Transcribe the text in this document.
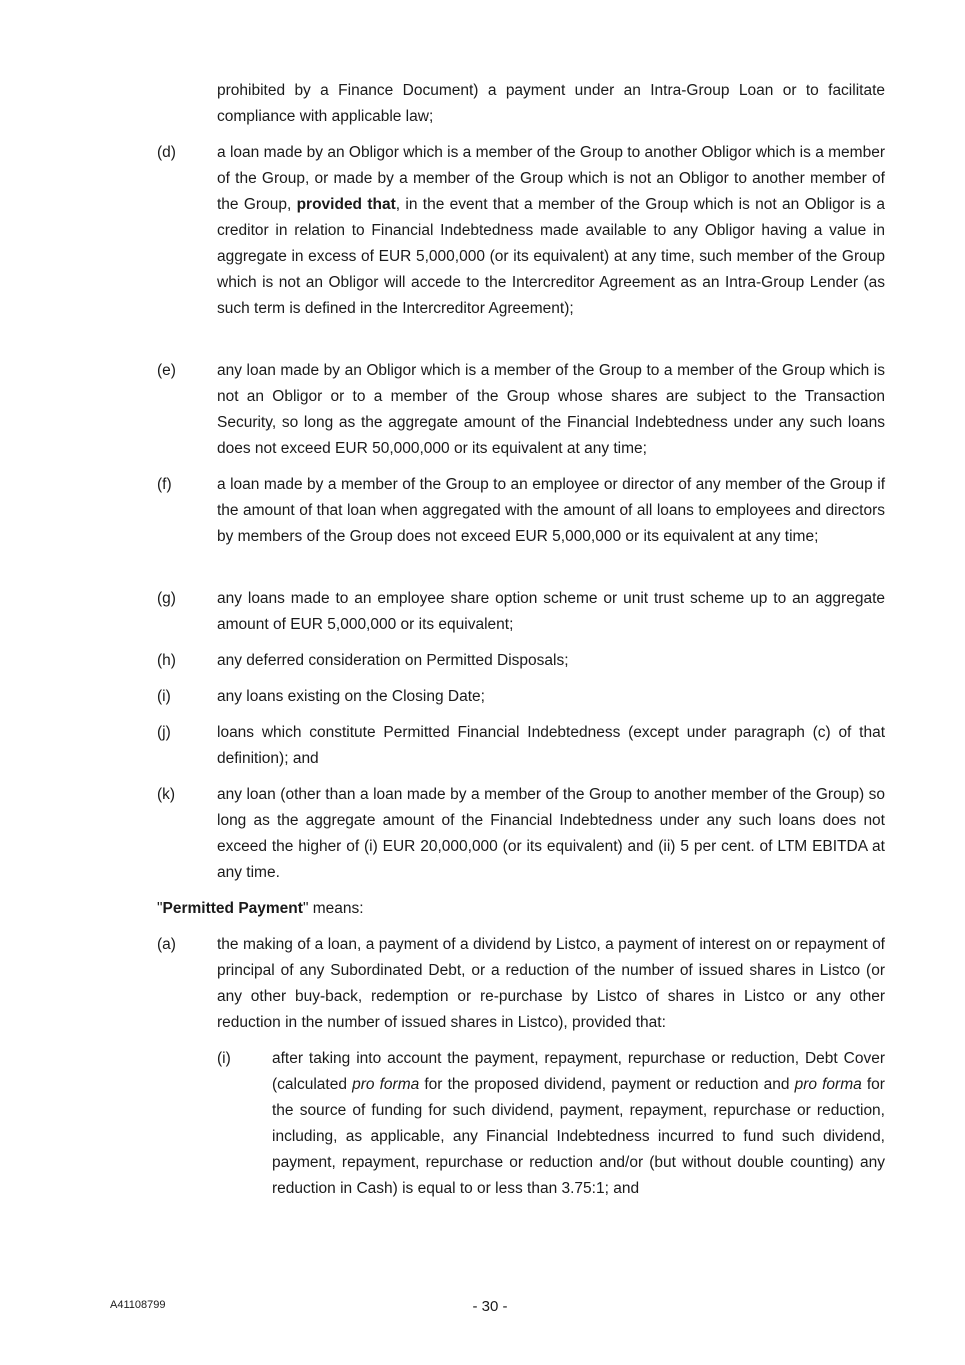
prohibited by a Finance Document) a payment under an Intra-Group Loan or to facilitate compliance with applicable law;

(d)	a loan made by an Obligor which is a member of the Group to another Obligor which is a member of the Group, or made by a member of the Group which is not an Obligor to another member of the Group, provided that, in the event that a member of the Group which is not an Obligor is a creditor in relation to Financial Indebtedness made available to any Obligor having a value in aggregate in excess of EUR 5,000,000 (or its equivalent) at any time, such member of the Group which is not an Obligor will accede to the Intercreditor Agreement as an Intra-Group Lender (as such term is defined in the Intercreditor Agreement);

(e)	any loan made by an Obligor which is a member of the Group to a member of the Group which is not an Obligor or to a member of the Group whose shares are subject to the Transaction Security, so long as the aggregate amount of the Financial Indebtedness under any such loans does not exceed EUR 50,000,000 or its equivalent at any time;

(f)	a loan made by a member of the Group to an employee or director of any member of the Group if the amount of that loan when aggregated with the amount of all loans to employees and directors by members of the Group does not exceed EUR 5,000,000 or its equivalent at any time;

(g)	any loans made to an employee share option scheme or unit trust scheme up to an aggregate amount of EUR 5,000,000 or its equivalent;

(h)	any deferred consideration on Permitted Disposals;

(i)	any loans existing on the Closing Date;

(j)	loans which constitute Permitted Financial Indebtedness (except under paragraph (c) of that definition); and

(k)	any loan (other than a loan made by a member of the Group to another member of the Group) so long as the aggregate amount of the Financial Indebtedness under any such loans does not exceed the higher of (i) EUR 20,000,000 (or its equivalent) and (ii) 5 per cent. of LTM EBITDA at any time.

"Permitted Payment" means:

(a)	the making of a loan, a payment of a dividend by Listco, a payment of interest on or repayment of principal of any Subordinated Debt, or a reduction of the number of issued shares in Listco (or any other buy-back, redemption or re-purchase by Listco of shares in Listco or any other reduction in the number of issued shares in Listco), provided that:

(i)	after taking into account the payment, repayment, repurchase or reduction, Debt Cover (calculated pro forma for the proposed dividend, payment or reduction and pro forma for the source of funding for such dividend, payment, repayment, repurchase or reduction, including, as applicable, any Financial Indebtedness incurred to fund such dividend, payment, repayment, repurchase or reduction and/or (but without double counting) any reduction in Cash) is equal to or less than 3.75:1; and

A41108799	- 30 -
